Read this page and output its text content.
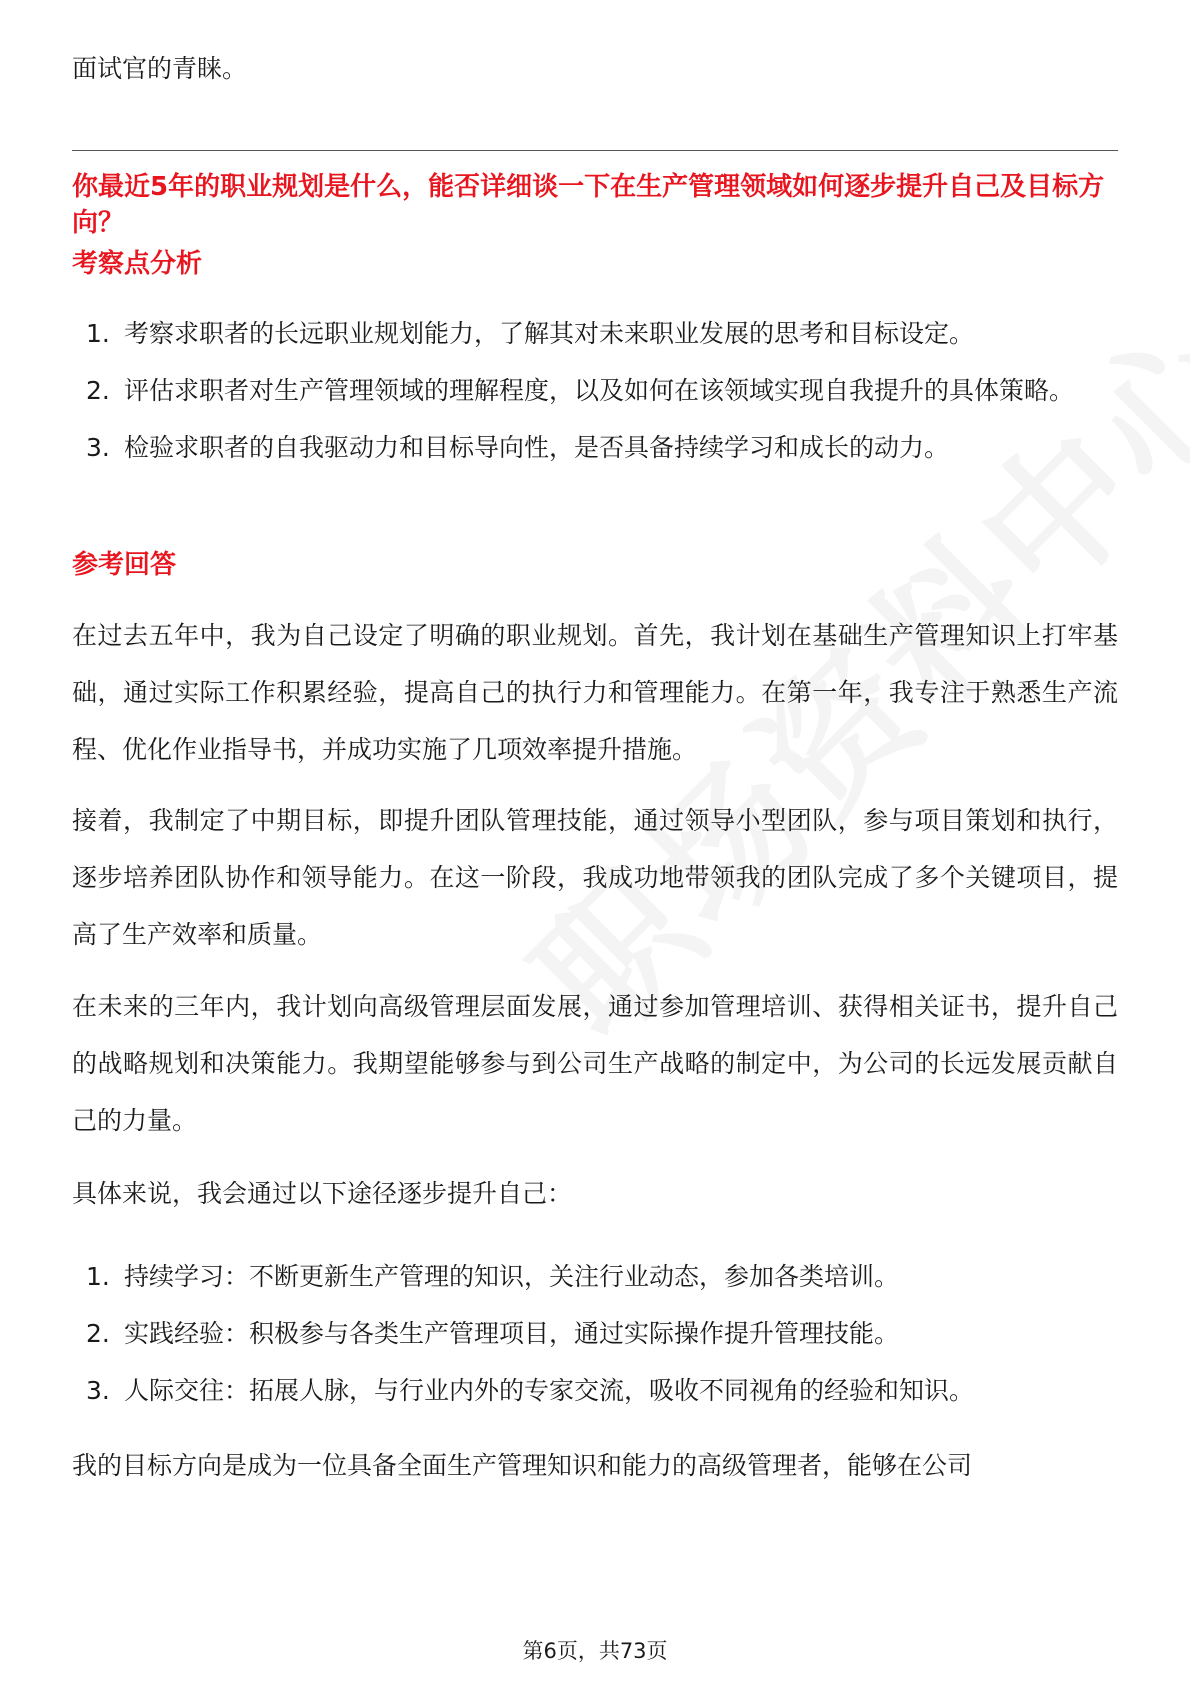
面试官的青睐。
你最近5年的职业规划是什么，能否详细谈一下在生产管理领域如何逐步提升自己及目标方向？
考察点分析
1. 考察求职者的长远职业规划能力，了解其对未来职业发展的思考和目标设定。
2. 评估求职者对生产管理领域的理解程度，以及如何在该领域实现自我提升的具体策略。
3. 检验求职者的自我驱动力和目标导向性，是否具备持续学习和成长的动力。
参考回答
在过去五年中，我为自己设定了明确的职业规划。首先，我计划在基础生产管理知识上打牢基础，通过实际工作积累经验，提高自己的执行力和管理能力。在第一年，我专注于熟悉生产流程、优化作业指导书，并成功实施了几项效率提升措施。
接着，我制定了中期目标，即提升团队管理技能，通过领导小型团队，参与项目策划和执行，逐步培养团队协作和领导能力。在这一阶段，我成功地带领我的团队完成了多个关键项目，提高了生产效率和质量。
在未来的三年内，我计划向高级管理层面发展，通过参加管理培训、获得相关证书，提升自己的战略规划和决策能力。我期望能够参与到公司生产战略的制定中，为公司的长远发展贡献自己的力量。
具体来说，我会通过以下途径逐步提升自己：
1. 持续学习：不断更新生产管理的知识，关注行业动态，参加各类培训。
2. 实践经验：积极参与各类生产管理项目，通过实际操作提升管理技能。
3. 人际交往：拓展人脉，与行业内外的专家交流，吸收不同视角的经验和知识。
我的目标方向是成为一位具备全面生产管理知识和能力的高级管理者，能够在公司
第6页，共73页
